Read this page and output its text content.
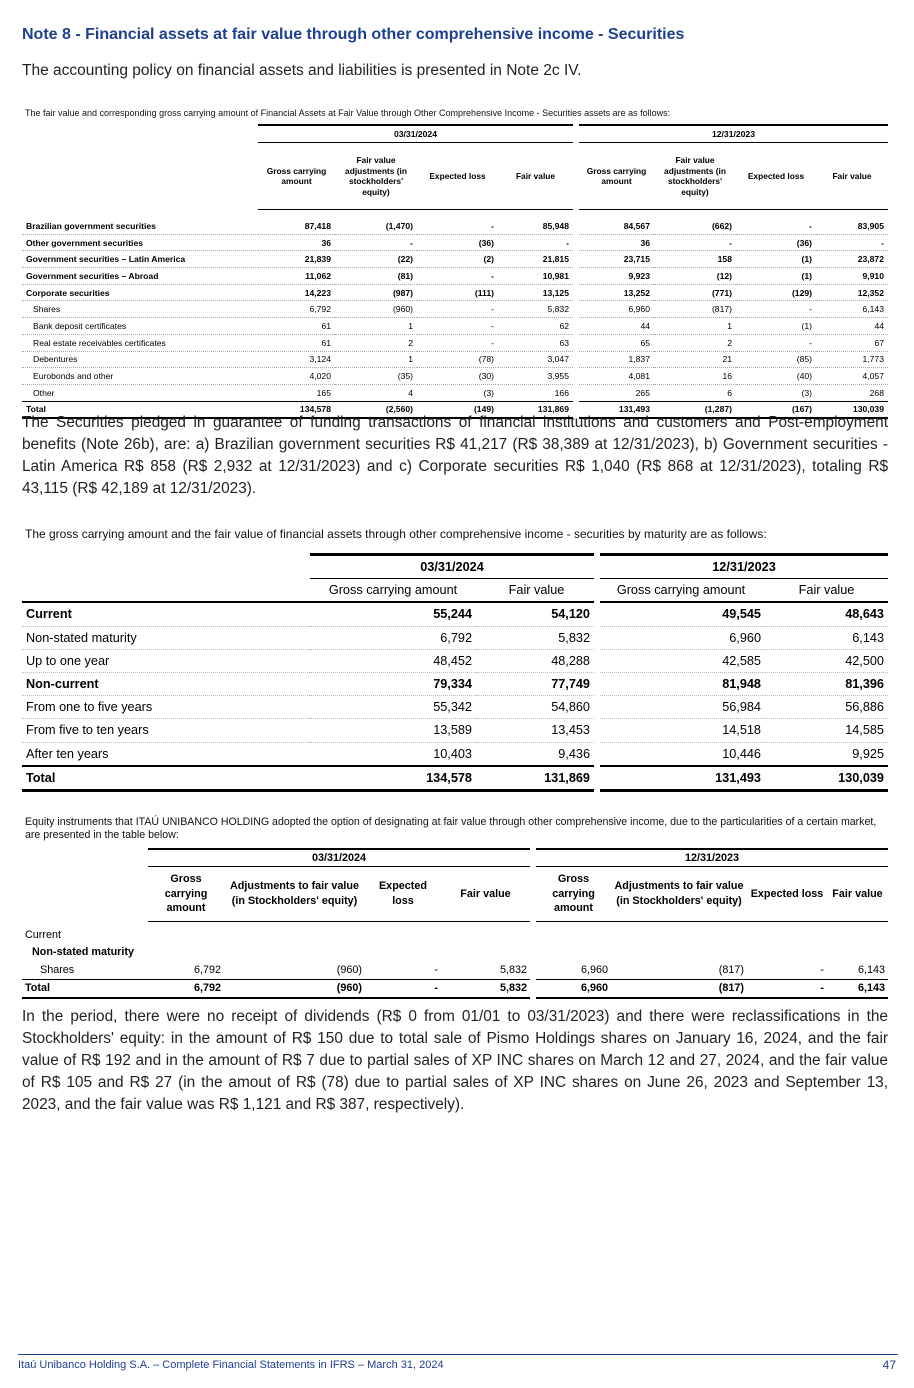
Note 8 - Financial assets at fair value through other comprehensive income - Securities

The accounting policy on financial assets and liabilities is presented in Note 2c IV.

The fair value and corresponding gross carrying amount of Financial Assets at Fair Value through Other Comprehensive Income - Securities assets are as follows:

	03/31/2024				12/31/2023			
	Gross carrying amount	Fair value adjustments (in stockholders' equity)	Expected loss	Fair value	Gross carrying amount	Fair value adjustments (in stockholders' equity)	Expected loss	Fair value

Brazilian government securities	87,418	(1,470)	-	85,948	84,567	(662)	-	83,905
Other government securities	36	-	(36)	-	36	-	(36)	-
Government securities – Latin America	21,839	(22)	(2)	21,815	23,715	158	(1)	23,872
Government securities – Abroad	11,062	(81)	-	10,981	9,923	(12)	(1)	9,910
Corporate securities	14,223	(987)	(111)	13,125	13,252	(771)	(129)	12,352
Shares	6,792	(960)	-	5,832	6,960	(817)	-	6,143
Bank deposit certificates	61	1	-	62	44	1	(1)	44
Real estate receivables certificates	61	2	-	63	65	2	-	67
Debentures	3,124	1	(78)	3,047	1,837	21	(85)	1,773
Eurobonds and other	4,020	(35)	(30)	3,955	4,081	16	(40)	4,057
Other	165	4	(3)	166	265	6	(3)	268
Total	134,578	(2,560)	(149)	131,869	131,493	(1,287)	(167)	130,039

The Securities pledged in guarantee of funding transactions of financial institutions and customers and Post-employment benefits (Note 26b), are: a) Brazilian government securities R$ 41,217 (R$ 38,389 at 12/31/2023), b) Government securities - Latin America R$ 858 (R$ 2,932 at 12/31/2023) and c) Corporate securities R$ 1,040 (R$ 868 at 12/31/2023), totaling R$ 43,115 (R$ 42,189 at 12/31/2023).

The gross carrying amount and the fair value of financial assets through other comprehensive income - securities by maturity are as follows:

	03/31/2024		12/31/2023	
	Gross carrying amount	Fair value	Gross carrying amount	Fair value
Current	55,244	54,120	49,545	48,643
Non-stated maturity	6,792	5,832	6,960	6,143
Up to one year	48,452	48,288	42,585	42,500
Non-current	79,334	77,749	81,948	81,396
From one to five years	55,342	54,860	56,984	56,886
From five to ten years	13,589	13,453	14,518	14,585
After ten years	10,403	9,436	10,446	9,925
Total	134,578	131,869	131,493	130,039

Equity instruments that ITAÚ UNIBANCO HOLDING adopted the option of designating at fair value through other comprehensive income, due to the particularities of a certain market, are presented in the table below:

	03/31/2024				12/31/2023			
	Gross carrying amount	Adjustments to fair value (in Stockholders' equity)	Expected loss	Fair value	Gross carrying amount	Adjustments to fair value (in Stockholders' equity)	Expected loss	Fair value
Current								
Non-stated maturity								
Shares	6,792	(960)	-	5,832	6,960	(817)	-	6,143
Total	6,792	(960)	-	5,832	6,960	(817)	-	6,143

In the period, there were no receipt of dividends (R$ 0 from 01/01 to 03/31/2023) and there were reclassifications in the Stockholders' equity: in the amount of R$ 150 due to total sale of Pismo Holdings shares on January 16, 2024, and the fair value of R$ 192 and in the amount of R$ 7 due to partial sales of XP INC shares on March 12 and 27, 2024, and the fair value of R$ 105 and R$ 27 (in the amout of R$ (78) due to partial sales of XP INC shares on June 26, 2023 and September 13, 2023, and the fair value was R$ 1,121 and R$ 387, respectively).

Itaú Unibanco Holding S.A. – Complete Financial Statements in IFRS – March 31, 2024	47
